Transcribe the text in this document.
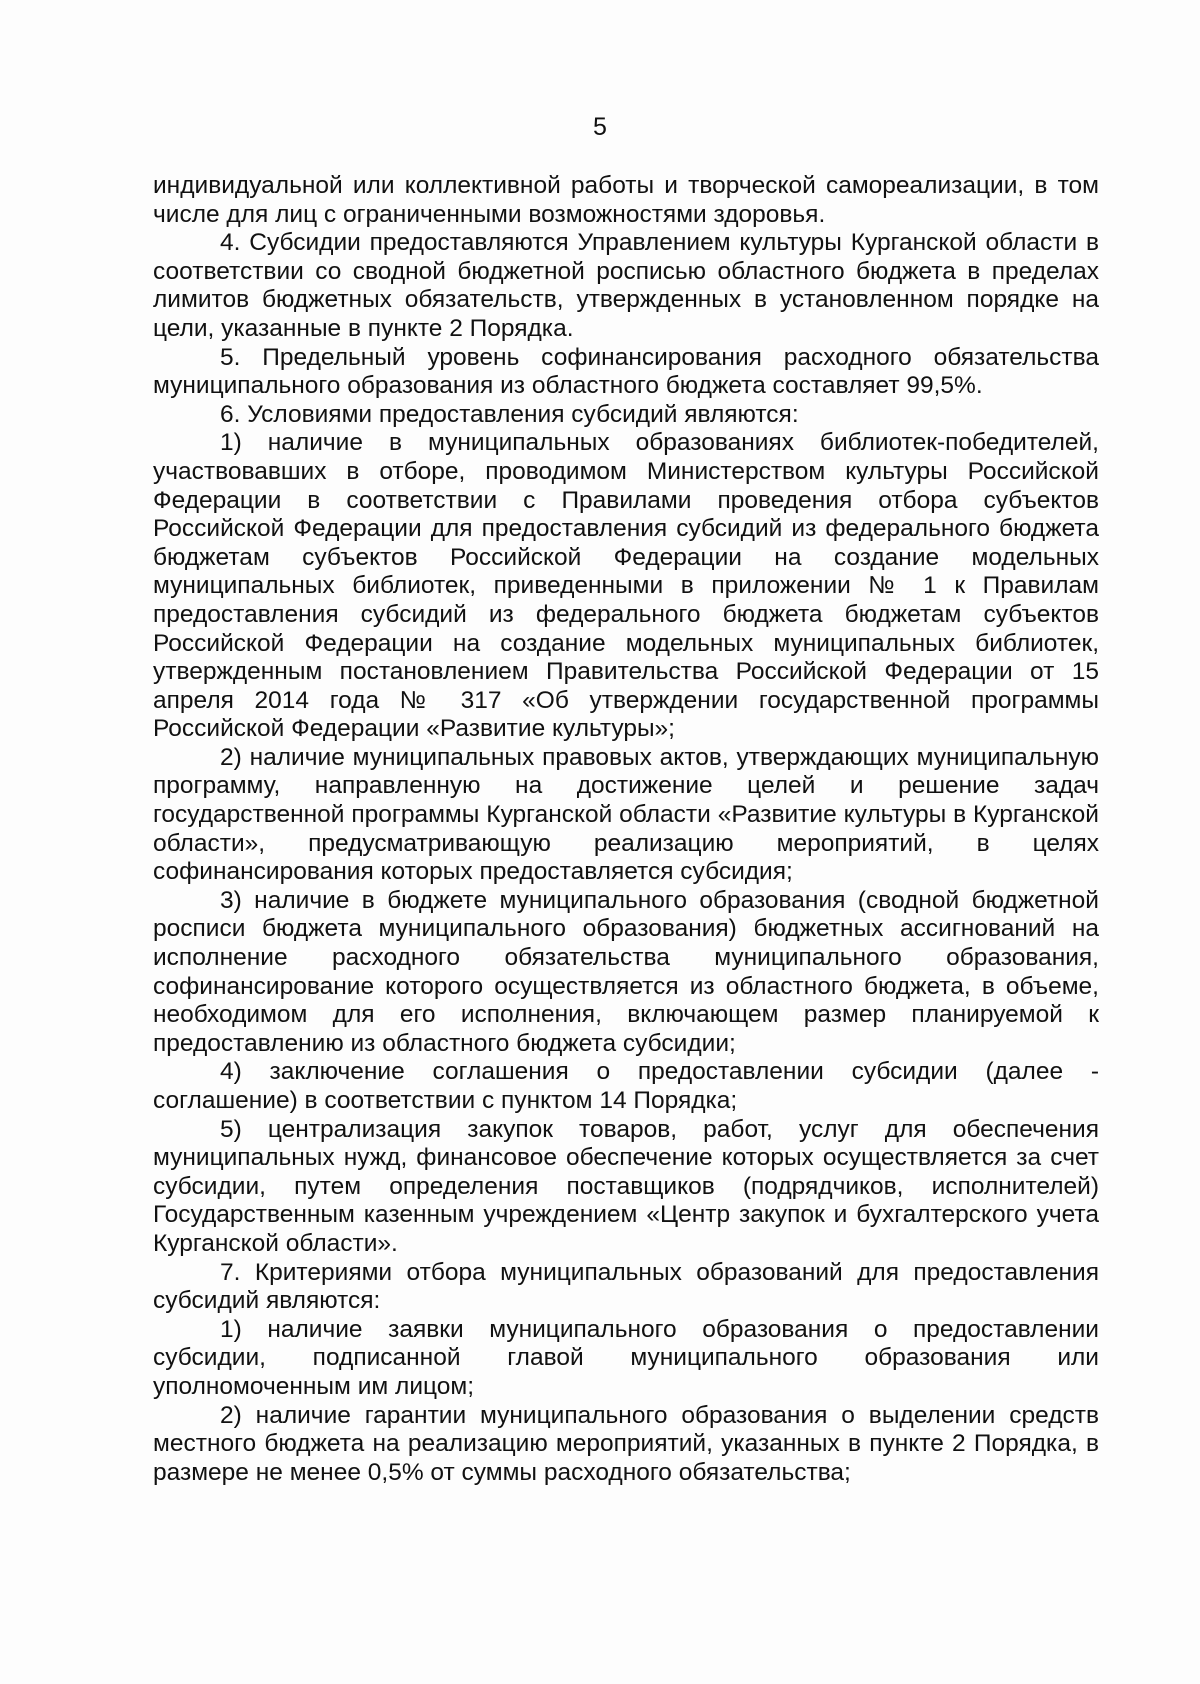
5

индивидуальной или коллективной работы и творческой самореализации, в том числе для лиц с ограниченными возможностями здоровья.

4. Субсидии предоставляются Управлением культуры Курганской области в соответствии со сводной бюджетной росписью областного бюджета в пределах лимитов бюджетных обязательств, утвержденных в установленном порядке на цели, указанные в пункте 2 Порядка.

5. Предельный уровень софинансирования расходного обязательства муниципального образования из областного бюджета составляет 99,5%.

6. Условиями предоставления субсидий являются:

1) наличие в муниципальных образованиях библиотек-победителей, участвовавших в отборе, проводимом Министерством культуры Российской Федерации в соответствии с Правилами проведения отбора субъектов Российской Федерации для предоставления субсидий из федерального бюджета бюджетам субъектов Российской Федерации на создание модельных муниципальных библиотек, приведенными в приложении № 1 к Правилам предоставления субсидий из федерального бюджета бюджетам субъектов Российской Федерации на создание модельных муниципальных библиотек, утвержденным постановлением Правительства Российской Федерации от 15 апреля 2014 года № 317 «Об утверждении государственной программы Российской Федерации «Развитие культуры»;

2) наличие муниципальных правовых актов, утверждающих муниципальную программу, направленную на достижение целей и решение задач государственной программы Курганской области «Развитие культуры в Курганской области», предусматривающую реализацию мероприятий, в целях софинансирования которых предоставляется субсидия;

3) наличие в бюджете муниципального образования (сводной бюджетной росписи бюджета муниципального образования) бюджетных ассигнований на исполнение расходного обязательства муниципального образования, софинансирование которого осуществляется из областного бюджета, в объеме, необходимом для его исполнения, включающем размер планируемой к предоставлению из областного бюджета субсидии;

4) заключение соглашения о предоставлении субсидии (далее - соглашение) в соответствии с пунктом 14 Порядка;

5) централизация закупок товаров, работ, услуг для обеспечения муниципальных нужд, финансовое обеспечение которых осуществляется за счет субсидии, путем определения поставщиков (подрядчиков, исполнителей) Государственным казенным учреждением «Центр закупок и бухгалтерского учета Курганской области».

7. Критериями отбора муниципальных образований для предоставления субсидий являются:

1) наличие заявки муниципального образования о предоставлении субсидии, подписанной главой муниципального образования или уполномоченным им лицом;

2) наличие гарантии муниципального образования о выделении средств местного бюджета на реализацию мероприятий, указанных в пункте 2 Порядка, в размере не менее 0,5% от суммы расходного обязательства;
